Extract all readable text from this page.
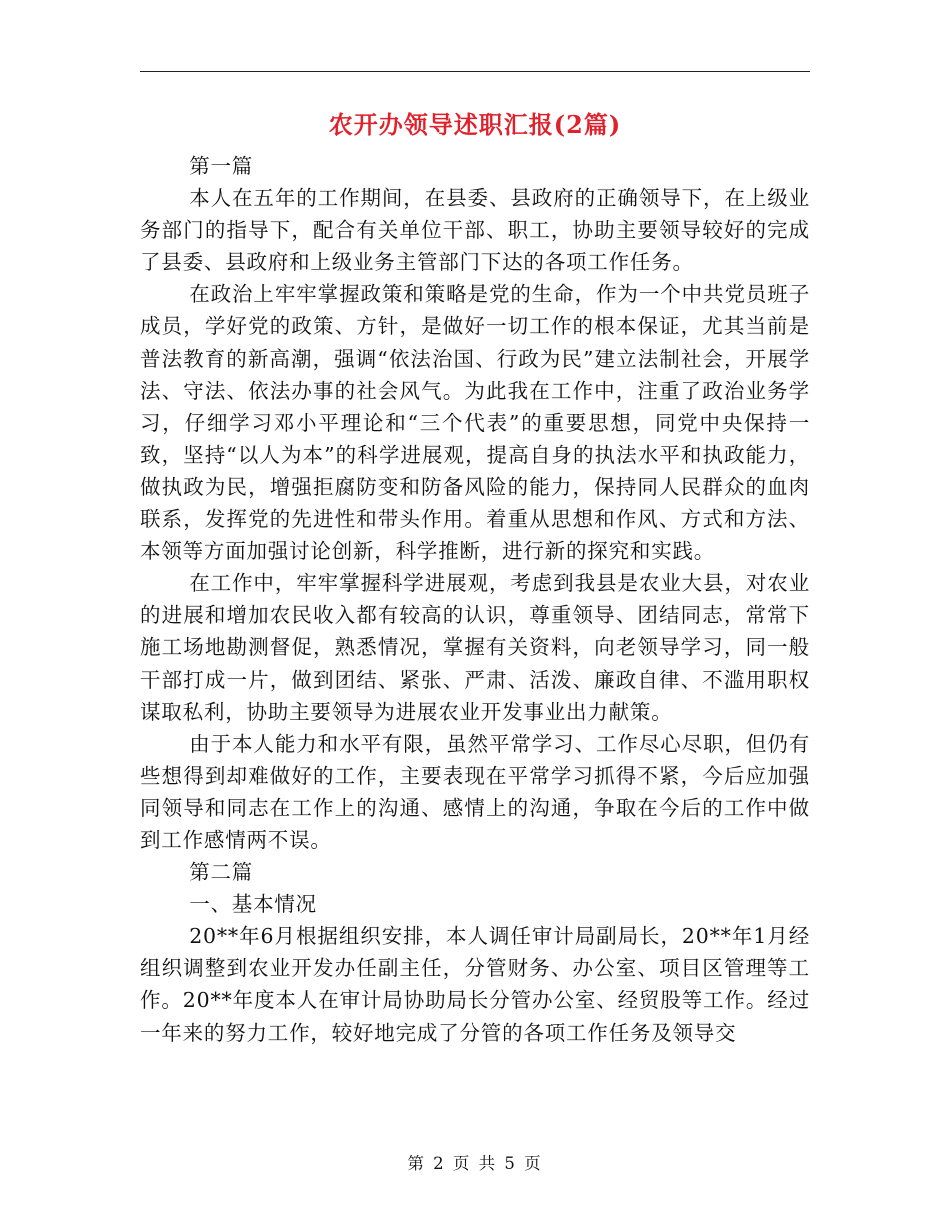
农开办领导述职汇报(2篇)

第一篇

本人在五年的工作期间，在县委、县政府的正确领导下，在上级业务部门的指导下，配合有关单位干部、职工，协助主要领导较好的完成了县委、县政府和上级业务主管部门下达的各项工作任务。

在政治上牢牢掌握政策和策略是党的生命，作为一个中共党员班子成员，学好党的政策、方针，是做好一切工作的根本保证，尤其当前是普法教育的新高潮，强调“依法治国、行政为民”建立法制社会，开展学法、守法、依法办事的社会风气。为此我在工作中，注重了政治业务学习，仔细学习邓小平理论和“三个代表”的重要思想，同党中央保持一致，坚持“以人为本”的科学进展观，提高自身的执法水平和执政能力，做执政为民，增强拒腐防变和防备风险的能力，保持同人民群众的血肉联系，发挥党的先进性和带头作用。着重从思想和作风、方式和方法、本领等方面加强讨论创新，科学推断，进行新的探究和实践。

在工作中，牢牢掌握科学进展观，考虑到我县是农业大县，对农业的进展和增加农民收入都有较高的认识，尊重领导、团结同志，常常下施工场地勘测督促，熟悉情况，掌握有关资料，向老领导学习，同一般干部打成一片，做到团结、紧张、严肃、活泼、廉政自律、不滥用职权谋取私利，协助主要领导为进展农业开发事业出力献策。

由于本人能力和水平有限，虽然平常学习、工作尽心尽职，但仍有些想得到却难做好的工作，主要表现在平常学习抓得不紧，今后应加强同领导和同志在工作上的沟通、感情上的沟通，争取在今后的工作中做到工作感情两不误。

第二篇

一、基本情况

20**年6月根据组织安排，本人调任审计局副局长，20**年1月经组织调整到农业开发办任副主任，分管财务、办公室、项目区管理等工作。20**年度本人在审计局协助局长分管办公室、经贸股等工作。经过一年来的努力工作，较好地完成了分管的各项工作任务及领导交

第 2 页 共 5 页
